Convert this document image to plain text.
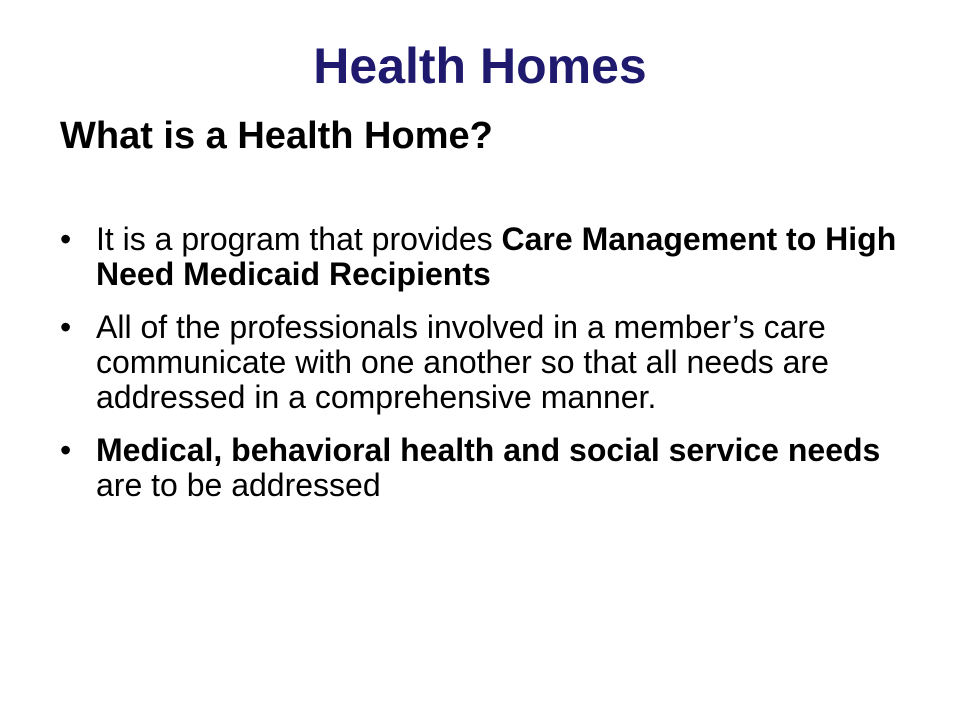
Health Homes
What is a Health Home?
• It is a program that provides Care Management to High Need Medicaid Recipients
• All of the professionals involved in a member’s care communicate with one another so that all needs are addressed in a comprehensive manner.
• Medical, behavioral health and social service needs are to be addressed
